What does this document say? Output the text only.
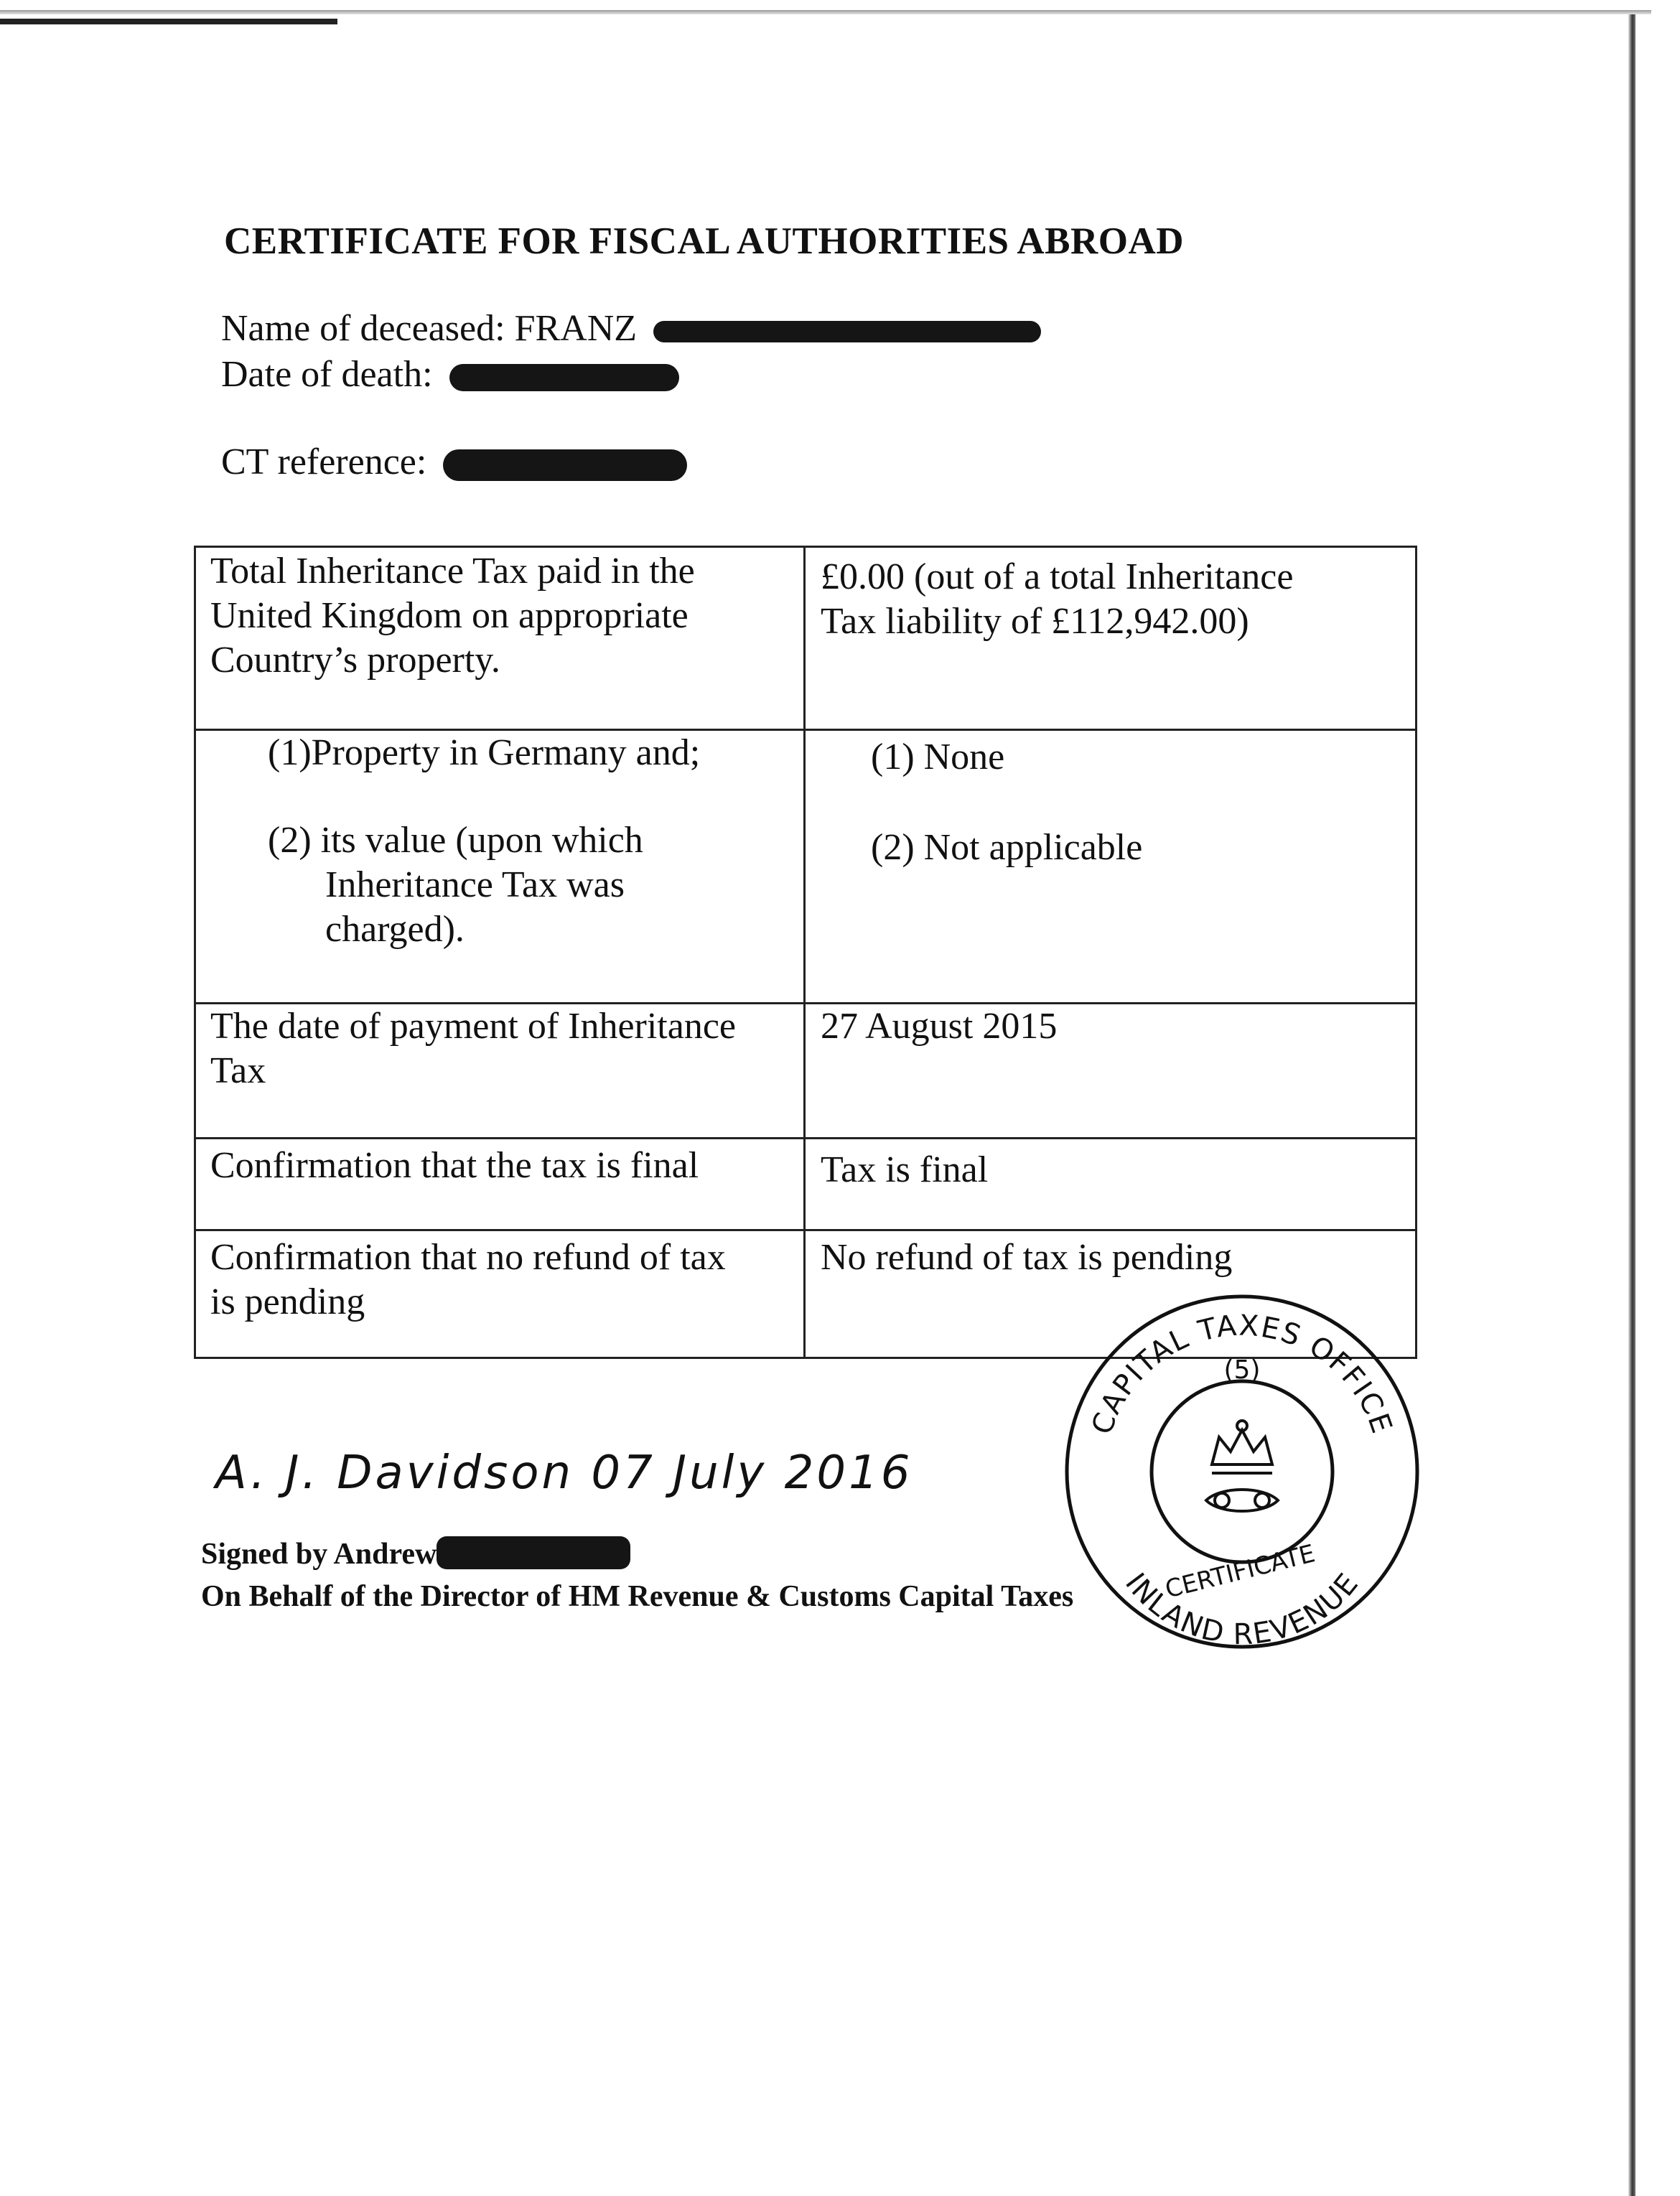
CERTIFICATE FOR FISCAL AUTHORITIES ABROAD
Name of deceased: FRANZ
Date of death:
CT reference:
Total Inheritance Tax paid in the
United Kingdom on appropriate
Country’s property.
£0.00 (out of a total Inheritance
Tax liability of £112,942.00)
(1)Property in Germany and;
(2) its value (upon which
Inheritance Tax was
charged).
(1) None
(2) Not applicable
The date of payment of Inheritance
Tax
27 August 2015
Confirmation that the tax is final	Tax is final
Confirmation that no refund of tax
is pending
No refund of tax is pending
A. J. Davidson 07 July 2016
Signed by Andrew
On Behalf of the Director of HM Revenue & Customs Capital Taxes
CAPITAL TAXES OFFICE
INLAND REVENUE
(5)
CERTIFICATE
